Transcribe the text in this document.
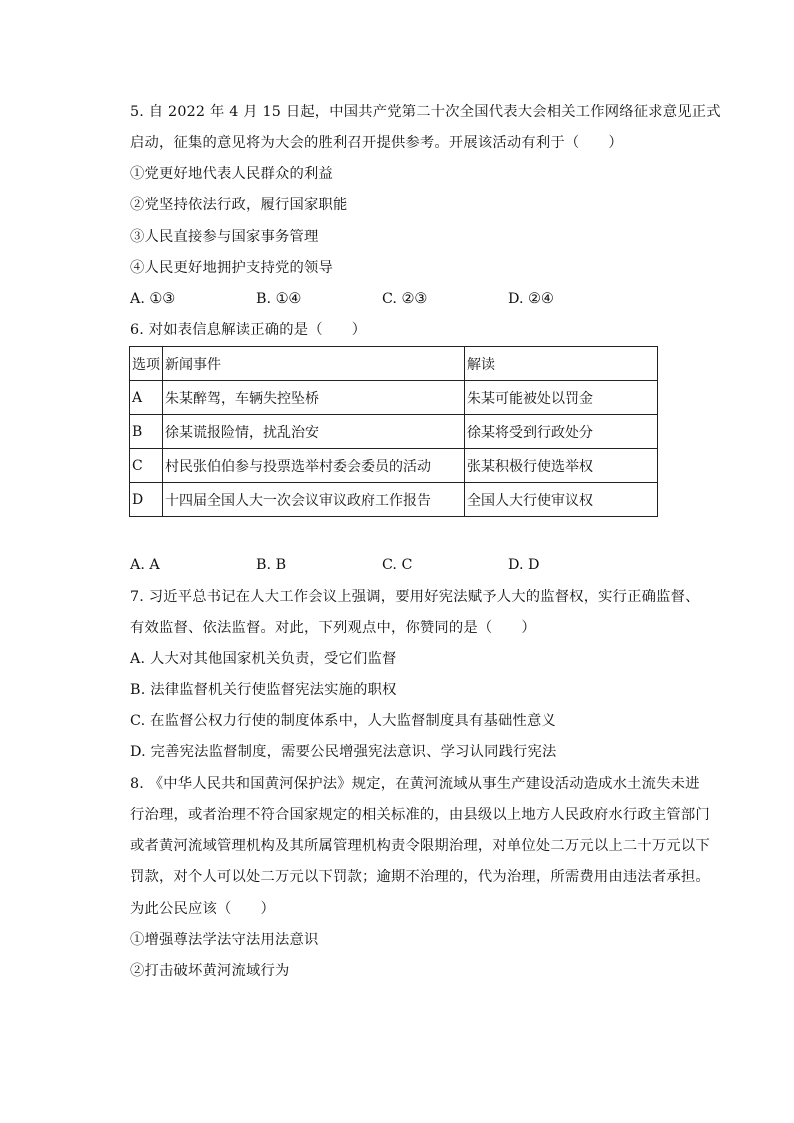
5. 自 2022 年 4 月 15 日起，中国共产党第二十次全国代表大会相关工作网络征求意见正式
启动，征集的意见将为大会的胜利召开提供参考。开展该活动有利于（　　）
①党更好地代表人民群众的利益
②党坚持依法行政，履行国家职能
③人民直接参与国家事务管理
④人民更好地拥护支持党的领导
A. ①③	B. ①④	C. ②③	D. ②④
6. 对如表信息解读正确的是（　　）
选项	新闻事件	解读
A	朱某醉驾，车辆失控坠桥	朱某可能被处以罚金
B	徐某谎报险情，扰乱治安	徐某将受到行政处分
C	村民张伯伯参与投票选举村委会委员的活动	张某积极行使选举权
D	十四届全国人大一次会议审议政府工作报告	全国人大行使审议权
A. A	B. B	C. C	D. D
7. 习近平总书记在人大工作会议上强调，要用好宪法赋予人大的监督权，实行正确监督、
有效监督、依法监督。对此，下列观点中，你赞同的是（　　）
A. 人大对其他国家机关负责，受它们监督
B. 法律监督机关行使监督宪法实施的职权
C. 在监督公权力行使的制度体系中，人大监督制度具有基础性意义
D. 完善宪法监督制度，需要公民增强宪法意识、学习认同践行宪法
8. 《中华人民共和国黄河保护法》规定，在黄河流域从事生产建设活动造成水土流失未进
行治理，或者治理不符合国家规定的相关标准的，由县级以上地方人民政府水行政主管部门
或者黄河流域管理机构及其所属管理机构责令限期治理，对单位处二万元以上二十万元以下
罚款，对个人可以处二万元以下罚款；逾期不治理的，代为治理，所需费用由违法者承担。
为此公民应该（　　）
①增强尊法学法守法用法意识
②打击破坏黄河流域行为
